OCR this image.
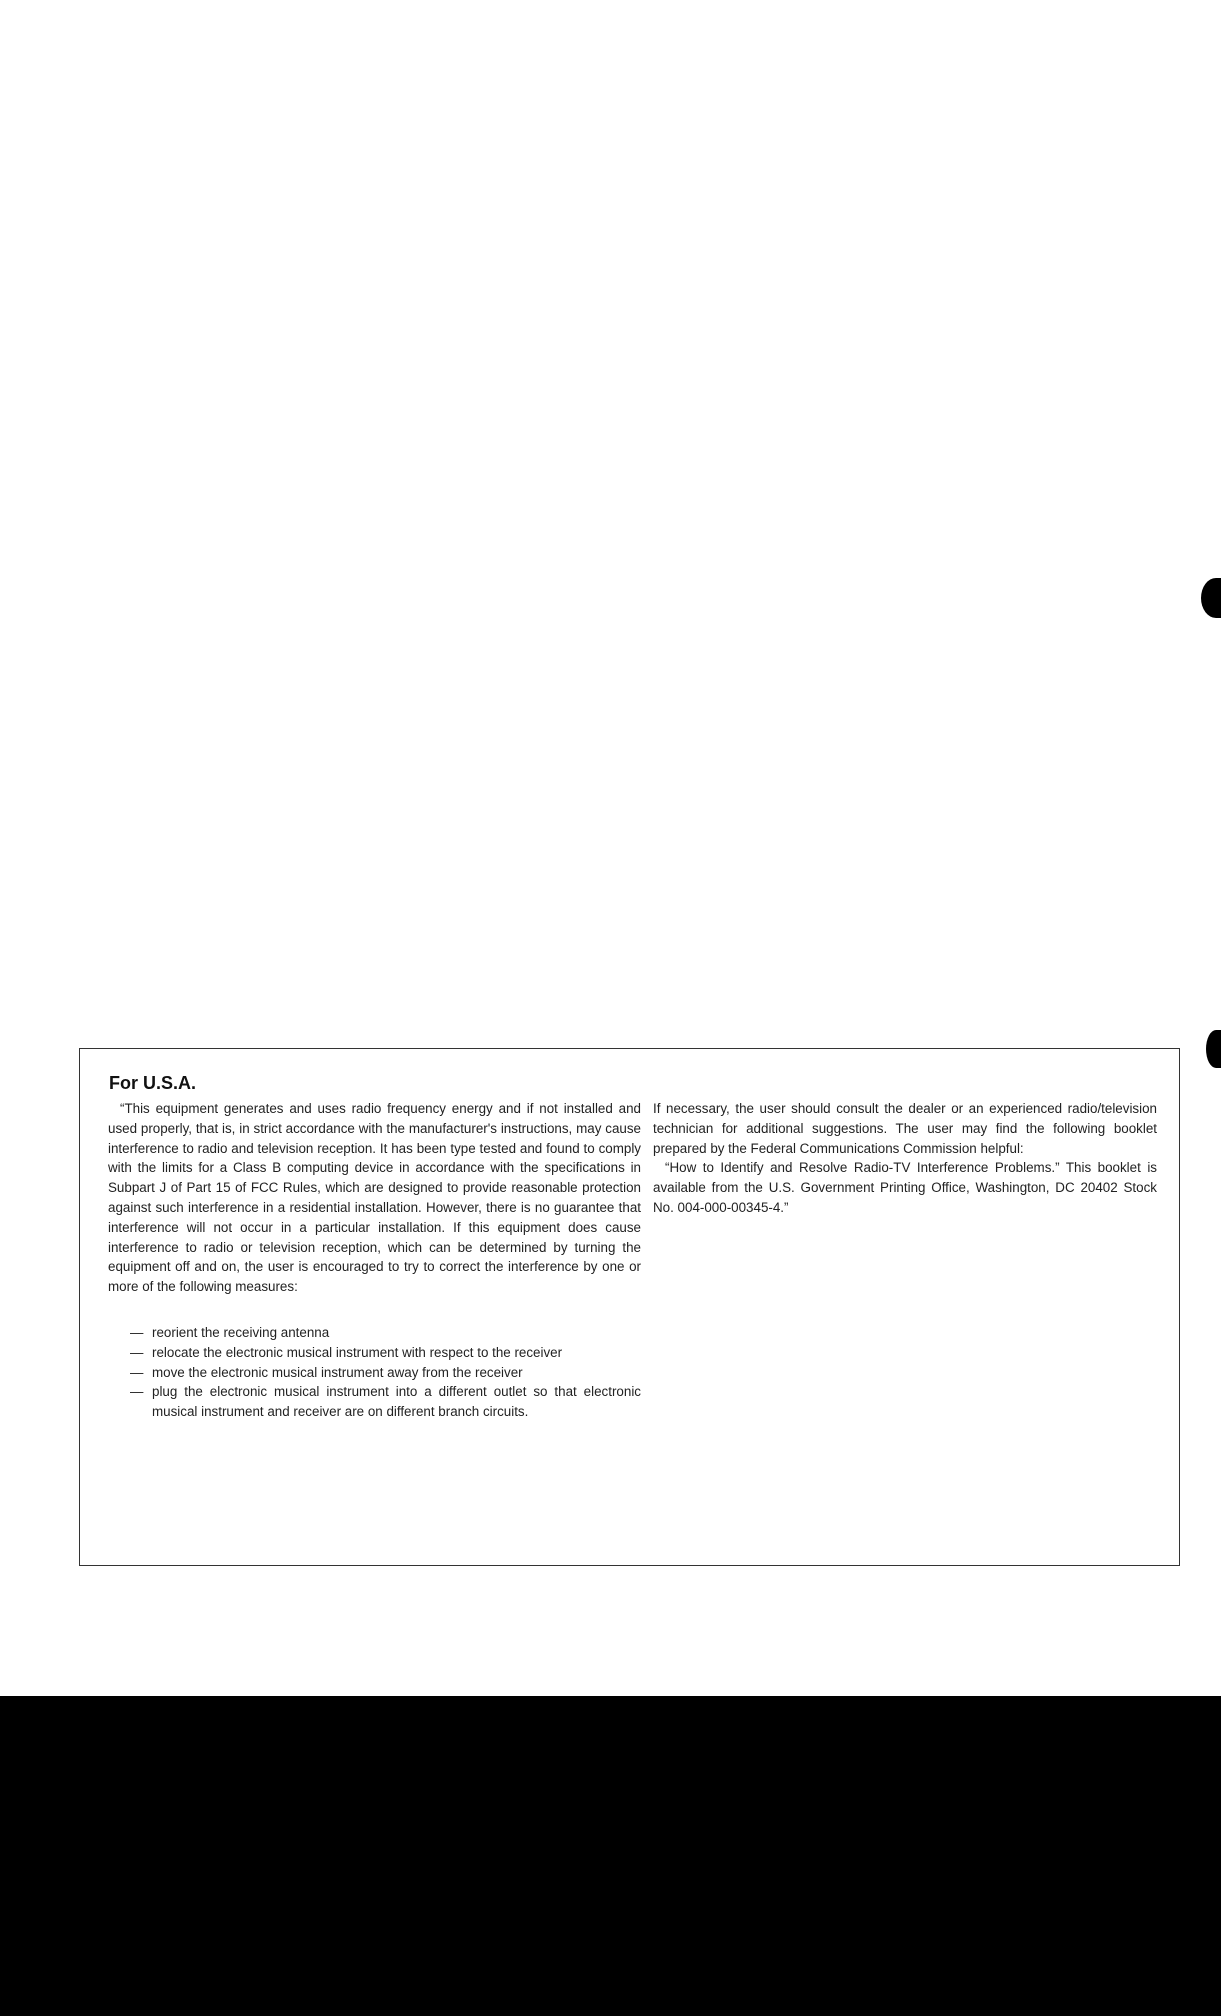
For U.S.A.

“This equipment generates and uses radio frequency energy and if not installed and used properly, that is, in strict accordance with the manufacturer's instructions, may cause interference to radio and television reception. It has been type tested and found to comply with the limits for a Class B computing device in accordance with the specifications in Subpart J of Part 15 of FCC Rules, which are designed to provide reasonable protection against such interference in a residential installation. However, there is no guarantee that interference will not occur in a particular installation. If this equipment does cause interference to radio or television reception, which can be determined by turning the equipment off and on, the user is encouraged to try to correct the interference by one or more of the following measures:

— reorient the receiving antenna
— relocate the electronic musical instrument with respect to the receiver
— move the electronic musical instrument away from the receiver
— plug the electronic musical instrument into a different outlet so that electronic musical instrument and receiver are on different branch circuits.

If necessary, the user should consult the dealer or an experienced radio/television technician for additional suggestions. The user may find the following booklet prepared by the Federal Communications Commission helpful:

“How to Identify and Resolve Radio-TV Interference Problems.” This booklet is available from the U.S. Government Printing Office, Washington, DC 20402 Stock No. 004-000-00345-4.”
